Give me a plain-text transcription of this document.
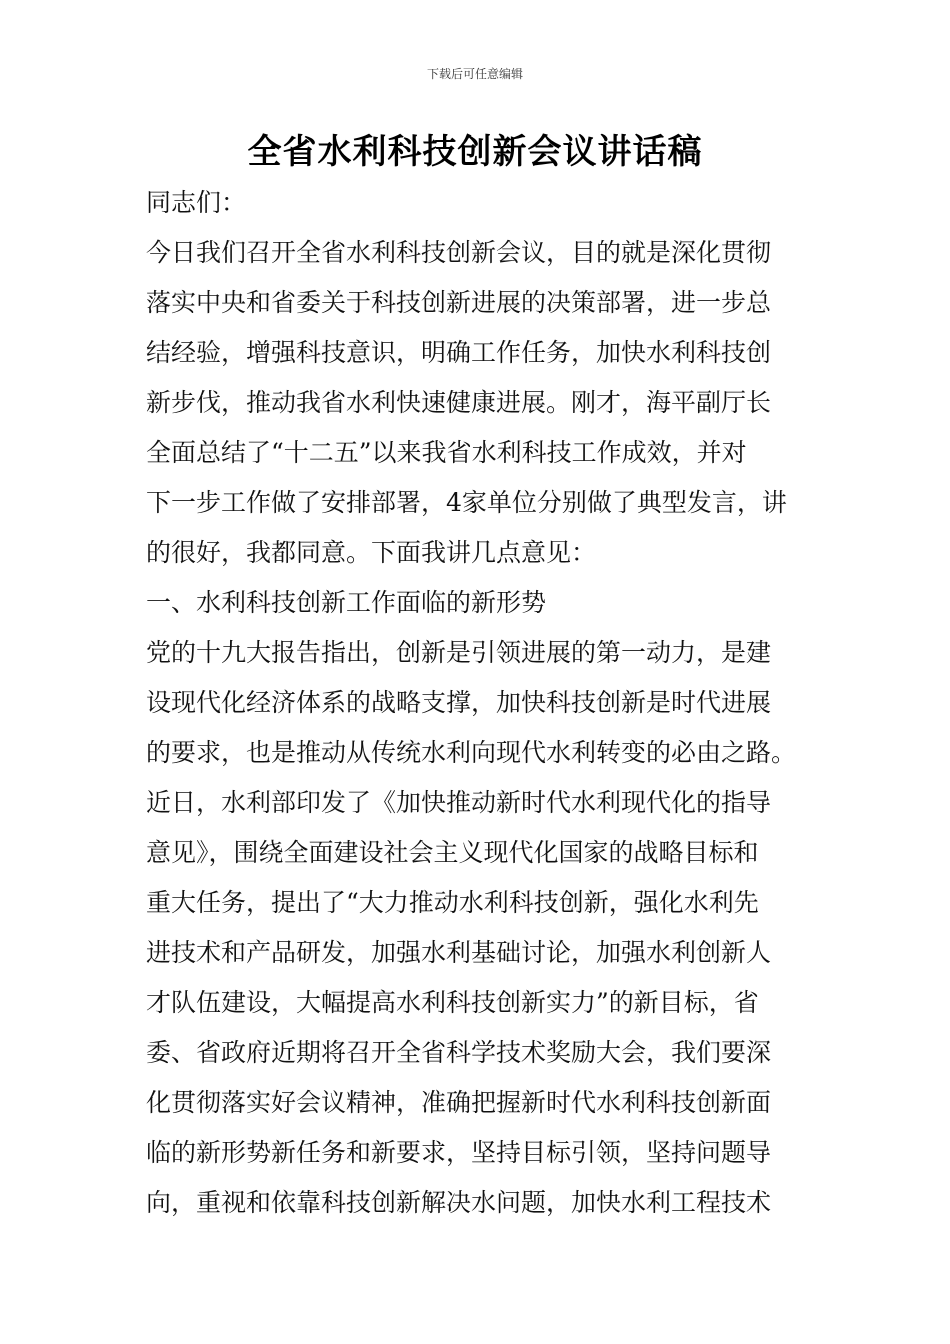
下载后可任意编辑
全省水利科技创新会议讲话稿
同志们：
今日我们召开全省水利科技创新会议，目的就是深化贯彻
落实中央和省委关于科技创新进展的决策部署，进一步总
结经验，增强科技意识，明确工作任务，加快水利科技创
新步伐，推动我省水利快速健康进展。刚才，海平副厅长
全面总结了“十二五”以来我省水利科技工作成效，并对
下一步工作做了安排部署，4家单位分别做了典型发言，讲
的很好，我都同意。下面我讲几点意见：
一、水利科技创新工作面临的新形势
党的十九大报告指出，创新是引领进展的第一动力，是建
设现代化经济体系的战略支撑，加快科技创新是时代进展
的要求，也是推动从传统水利向现代水利转变的必由之路。
近日，水利部印发了《加快推动新时代水利现代化的指导
意见》，围绕全面建设社会主义现代化国家的战略目标和
重大任务，提出了“大力推动水利科技创新，强化水利先
进技术和产品研发，加强水利基础讨论，加强水利创新人
才队伍建设，大幅提高水利科技创新实力”的新目标，省
委、省政府近期将召开全省科学技术奖励大会，我们要深
化贯彻落实好会议精神，准确把握新时代水利科技创新面
临的新形势新任务和新要求，坚持目标引领，坚持问题导
向，重视和依靠科技创新解决水问题，加快水利工程技术
